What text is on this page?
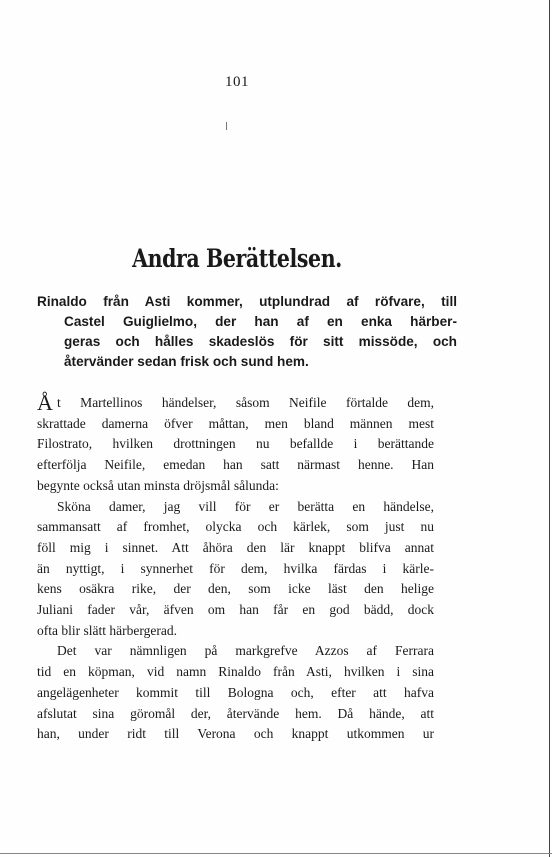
101
Andra Berättelsen.
Rinaldo från Asti kommer, utplundrad af röfvare, till
Castel Guiglielmo, der han af en enka härber-
geras och hålles skadeslös för sitt missöde, och
återvänder sedan frisk och sund hem.
Å t Martellinos händelser, såsom Neifile förtalde dem,
skrattade damerna öfver måttan, men bland männen mest
Filostrato, hvilken drottningen nu befallde i berättande
efterfölja Neifile, emedan han satt närmast henne. Han
begynte också utan minsta dröjsmål sålunda:
Sköna damer, jag vill för er berätta en händelse,
sammansatt af fromhet, olycka och kärlek, som just nu
föll mig i sinnet. Att åhöra den lär knappt blifva annat
än nyttigt, i synnerhet för dem, hvilka färdas i kärle-
kens osäkra rike, der den, som icke läst den helige
Juliani fader vår, äfven om han får en god bädd, dock
ofta blir slätt härbergerad.
Det var nämnligen på markgrefve Azzos af Ferrara
tid en köpman, vid namn Rinaldo från Asti, hvilken i sina
angelägenheter kommit till Bologna och, efter att hafva
afslutat sina göromål der, återvände hem. Då hände, att
han, under ridt till Verona och knappt utkommen ur
